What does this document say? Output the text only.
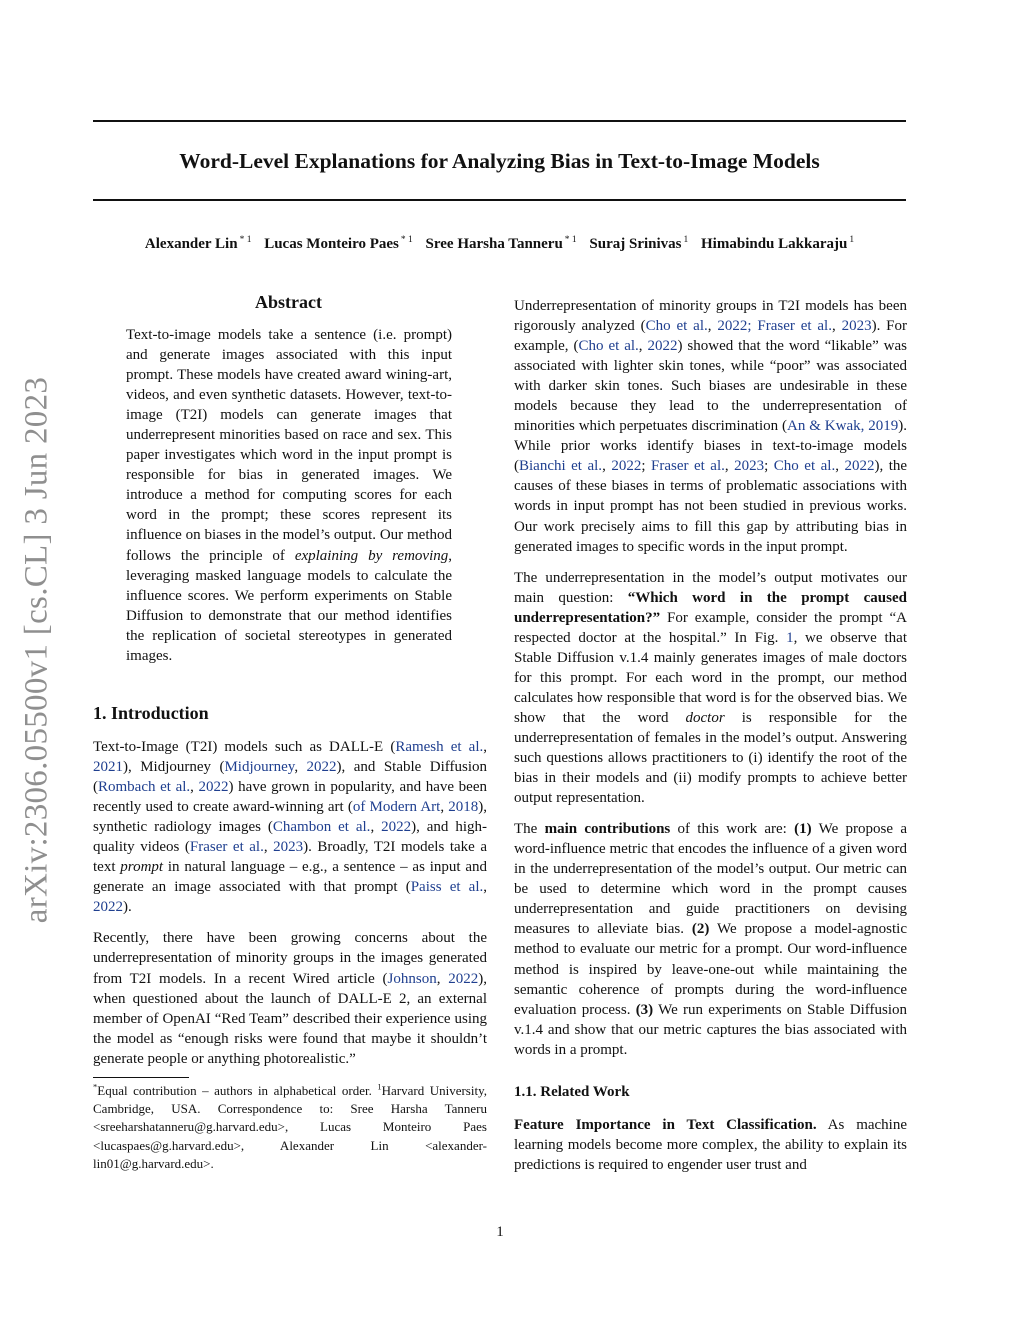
Word-Level Explanations for Analyzing Bias in Text-to-Image Models
Alexander Lin $^{* 1}$ Lucas Monteiro Paes $^{* 1}$ Sree Harsha Tanneru $^{* 1}$ Suraj Srinivas $^1$ Himabindu Lakkaraju $^1$
arXiv:2306.05500v1 [cs.CL] 3 Jun 2023
Abstract
Text-to-image models take a sentence (i.e. prompt) and generate images associated with this input prompt. These models have created award wining-art, videos, and even synthetic datasets. However, text-to-image (T2I) models can generate images that underrepresent minorities based on race and sex. This paper investigates which word in the input prompt is responsible for bias in generated images. We introduce a method for computing scores for each word in the prompt; these scores represent its influence on biases in the model’s output. Our method follows the principle of explaining by removing, leveraging masked language models to calculate the influence scores. We perform experiments on Stable Diffusion to demonstrate that our method identifies the replication of societal stereotypes in generated images.
1. Introduction

Text-to-Image (T2I) models such as DALL-E (Ramesh et al., 2021), Midjourney (Midjourney, 2022), and Stable Diffusion (Rombach et al., 2022) have grown in popularity, and have been recently used to create award-winning art (of Modern Art, 2018), synthetic radiology images (Chambon et al., 2022), and high-quality videos (Fraser et al., 2023). Broadly, T2I models take a text prompt in natural language – e.g., a sentence – as input and generate an image associated with that prompt (Paiss et al., 2022).

Recently, there have been growing concerns about the underrepresentation of minority groups in the images generated from T2I models. In a recent Wired article (Johnson, 2022), when questioned about the launch of DALL-E 2, an external member of OpenAI “Red Team” described their experience using the model as “enough risks were found that maybe it shouldn’t generate people or anything photorealistic.”

*Equal contribution – authors in alphabetical order. $^1$Harvard University, Cambridge, USA. Correspondence to: Sree Harsha Tanneru <sreeharshatanneru@g.harvard.edu>, Lucas Monteiro Paes <lucaspaes@g.harvard.edu>, Alexander Lin <alexander-lin01@g.harvard.edu>.

Underrepresentation of minority groups in T2I models has been rigorously analyzed (Cho et al., 2022; Fraser et al., 2023). For example, (Cho et al., 2022) showed that the word “likable” was associated with lighter skin tones, while “poor” was associated with darker skin tones. Such biases are undesirable in these models because they lead to the underrepresentation of minorities which perpetuates discrimination (An & Kwak, 2019). While prior works identify biases in text-to-image models (Bianchi et al., 2022; Fraser et al., 2023; Cho et al., 2022), the causes of these biases in terms of problematic associations with words in input prompt has not been studied in previous works. Our work precisely aims to fill this gap by attributing bias in generated images to specific words in the input prompt.

The underrepresentation in the model’s output motivates our main question: “Which word in the prompt caused underrepresentation?” For example, consider the prompt “A respected doctor at the hospital.” In Fig. 1, we observe that Stable Diffusion v.1.4 mainly generates images of male doctors for this prompt. For each word in the prompt, our method calculates how responsible that word is for the observed bias. We show that the word doctor is responsible for the underrepresentation of females in the model’s output. Answering such questions allows practitioners to (i) identify the root of the bias in their models and (ii) modify prompts to achieve better output representation.

The main contributions of this work are: (1) We propose a word-influence metric that encodes the influence of a given word in the underrepresentation of the model’s output. Our metric can be used to determine which word in the prompt causes underrepresentation and guide practitioners on devising measures to alleviate bias. (2) We propose a model-agnostic method to evaluate our metric for a prompt. Our word-influence method is inspired by leave-one-out while maintaining the semantic coherence of prompts during the word-influence evaluation process. (3) We run experiments on Stable Diffusion v.1.4 and show that our metric captures the bias associated with words in a prompt.

1.1. Related Work

Feature Importance in Text Classification. As machine learning models become more complex, the ability to explain its predictions is required to engender user trust and

1
